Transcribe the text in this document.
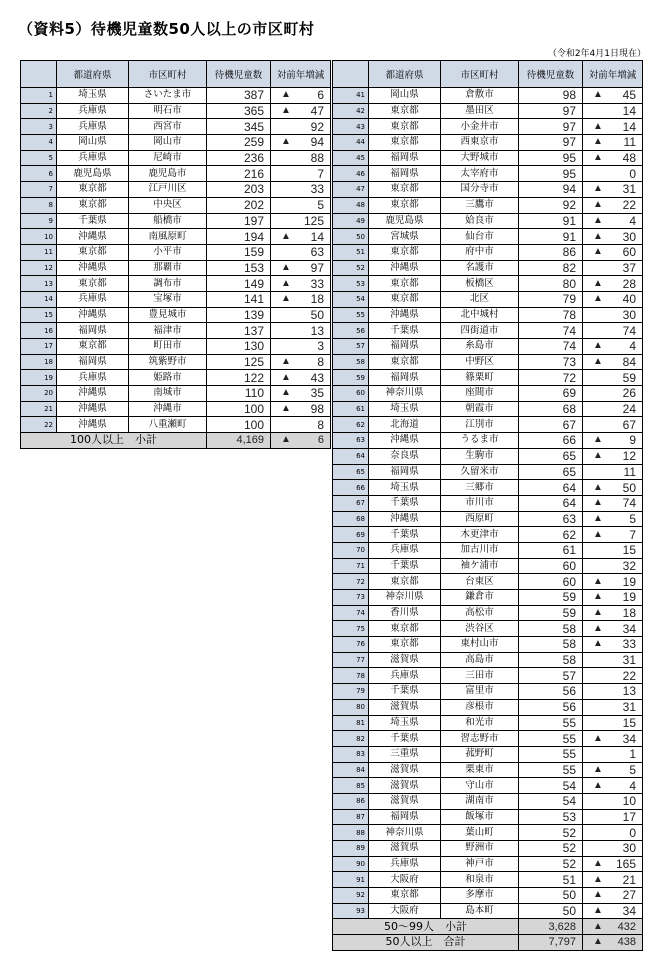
（資料5）待機児童数50人以上の市区町村
（令和2年4月1日現在）
	都道府県	市区町村	待機児童数	対前年増減
1	埼玉県	さいたま市	387	▲ 6

2	兵庫県	明石市	365	▲ 47

3	兵庫県	西宮市	345	92

4	岡山県	岡山市	259	▲ 94

5	兵庫県	尼崎市	236	88

6	鹿児島県	鹿児島市	216	7

7	東京都	江戸川区	203	33

8	東京都	中央区	202	5

9	千葉県	船橋市	197	125

10	沖縄県	南風原町	194	▲ 14

11	東京都	小平市	159	63

12	沖縄県	那覇市	153	▲ 97

13	東京都	調布市	149	▲ 33

14	兵庫県	宝塚市	141	▲ 18

15	沖縄県	豊見城市	139	50

16	福岡県	福津市	137	13

17	東京都	町田市	130	3

18	福岡県	筑紫野市	125	▲ 8

19	兵庫県	姫路市	122	▲ 43

20	沖縄県	南城市	110	▲ 35

21	沖縄県	沖縄市	100	▲ 98

22	沖縄県	八重瀬町	100	8

100人以上　小計			4,169	▲ 6
	都道府県	市区町村	待機児童数	対前年増減
41	岡山県	倉敷市	98	▲ 45

42	東京都	墨田区	97	14

43	東京都	小金井市	97	▲ 14

44	東京都	西東京市	97	▲ 11

45	福岡県	大野城市	95	▲ 48

46	福岡県	太宰府市	95	0

47	東京都	国分寺市	94	▲ 31

48	東京都	三鷹市	92	▲ 22

49	鹿児島県	姶良市	91	▲ 4

50	宮城県	仙台市	91	▲ 30

51	東京都	府中市	86	▲ 60

52	沖縄県	名護市	82	37

53	東京都	板橋区	80	▲ 28

54	東京都	北区	79	▲ 40

55	沖縄県	北中城村	78	30

56	千葉県	四街道市	74	74

57	福岡県	糸島市	74	▲ 4

58	東京都	中野区	73	▲ 84

59	福岡県	篠栗町	72	59

60	神奈川県	座間市	69	26

61	埼玉県	朝霞市	68	24

62	北海道	江別市	67	67

63	沖縄県	うるま市	66	▲ 9

64	奈良県	生駒市	65	▲ 12

65	福岡県	久留米市	65	11

66	埼玉県	三郷市	64	▲ 50

67	千葉県	市川市	64	▲ 74

68	沖縄県	西原町	63	▲ 5

69	千葉県	木更津市	62	▲ 7

70	兵庫県	加古川市	61	15

71	千葉県	袖ケ浦市	60	32

72	東京都	台東区	60	▲ 19

73	神奈川県	鎌倉市	59	▲ 19

74	香川県	高松市	59	▲ 18

75	東京都	渋谷区	58	▲ 34

76	東京都	東村山市	58	▲ 33

77	滋賀県	高島市	58	31

78	兵庫県	三田市	57	22

79	千葉県	富里市	56	13

80	滋賀県	彦根市	56	31

81	埼玉県	和光市	55	15

82	千葉県	習志野市	55	▲ 34

83	三重県	菰野町	55	1

84	滋賀県	栗東市	55	▲ 5

85	滋賀県	守山市	54	▲ 4

86	滋賀県	湖南市	54	10

87	福岡県	飯塚市	53	17

88	神奈川県	葉山町	52	0

89	滋賀県	野洲市	52	30

90	兵庫県	神戸市	52	▲ 165

91	大阪府	和泉市	51	▲ 21

92	東京都	多摩市	50	▲ 27

93	大阪府	島本町	50	▲ 34

50～99人　小計			3,628	▲ 432

50人以上　合計			7,797	▲ 438
